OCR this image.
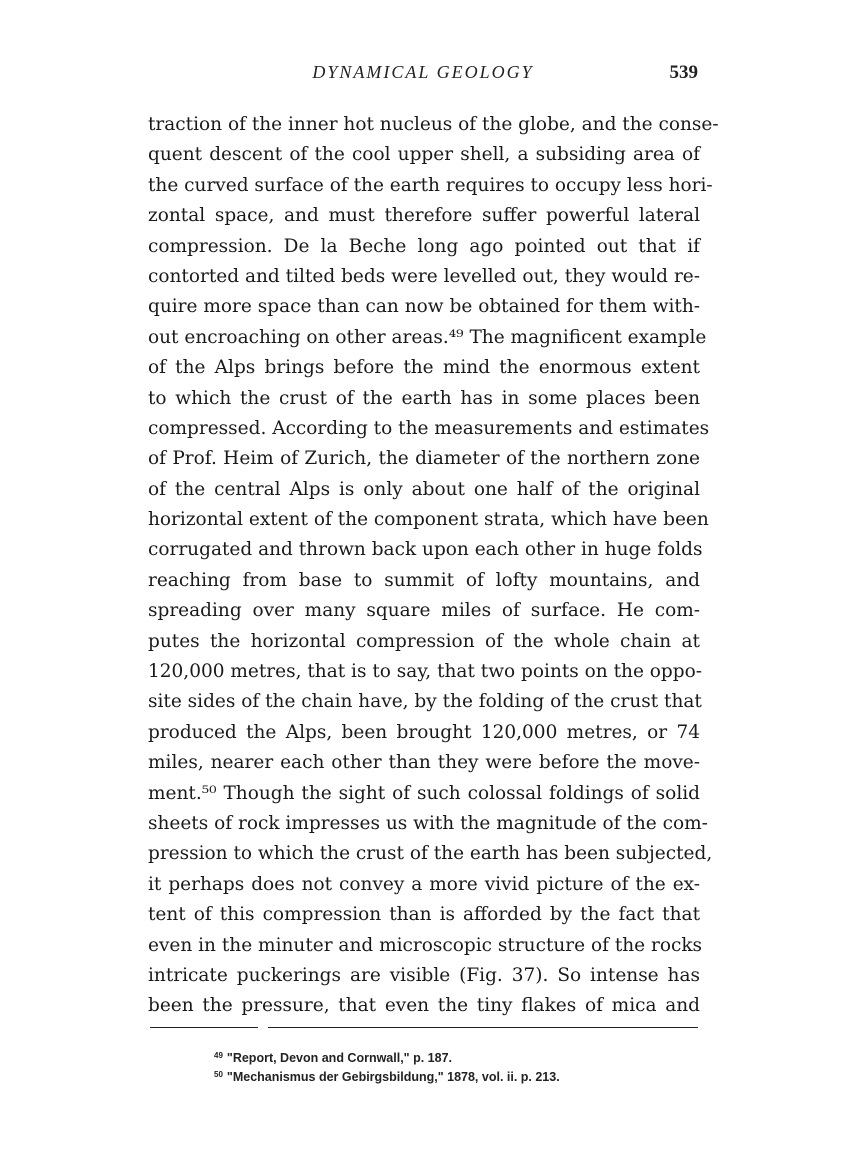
DYNAMICAL GEOLOGY	539
traction of the inner hot nucleus of the globe, and the conse-
quent descent of the cool upper shell, a subsiding area of
the curved surface of the earth requires to occupy less hori-
zontal space, and must therefore suffer powerful lateral
compression. De la Beche long ago pointed out that if
contorted and tilted beds were levelled out, they would re-
quire more space than can now be obtained for them with-
out encroaching on other areas.⁴⁹ The magnificent example
of the Alps brings before the mind the enormous extent
to which the crust of the earth has in some places been
compressed. According to the measurements and estimates
of Prof. Heim of Zurich, the diameter of the northern zone
of the central Alps is only about one half of the original
horizontal extent of the component strata, which have been
corrugated and thrown back upon each other in huge folds
reaching from base to summit of lofty mountains, and
spreading over many square miles of surface. He com-
putes the horizontal compression of the whole chain at
120,000 metres, that is to say, that two points on the oppo-
site sides of the chain have, by the folding of the crust that
produced the Alps, been brought 120,000 metres, or 74
miles, nearer each other than they were before the move-
ment.⁵⁰ Though the sight of such colossal foldings of solid
sheets of rock impresses us with the magnitude of the com-
pression to which the crust of the earth has been subjected,
it perhaps does not convey a more vivid picture of the ex-
tent of this compression than is afforded by the fact that
even in the minuter and microscopic structure of the rocks
intricate puckerings are visible (Fig. 37). So intense has
been the pressure, that even the tiny flakes of mica and
$^{49}$ "Report, Devon and Cornwall," p. 187.
$^{50}$ "Mechanismus der Gebirgsbildung," 1878, vol. ii. p. 213.
